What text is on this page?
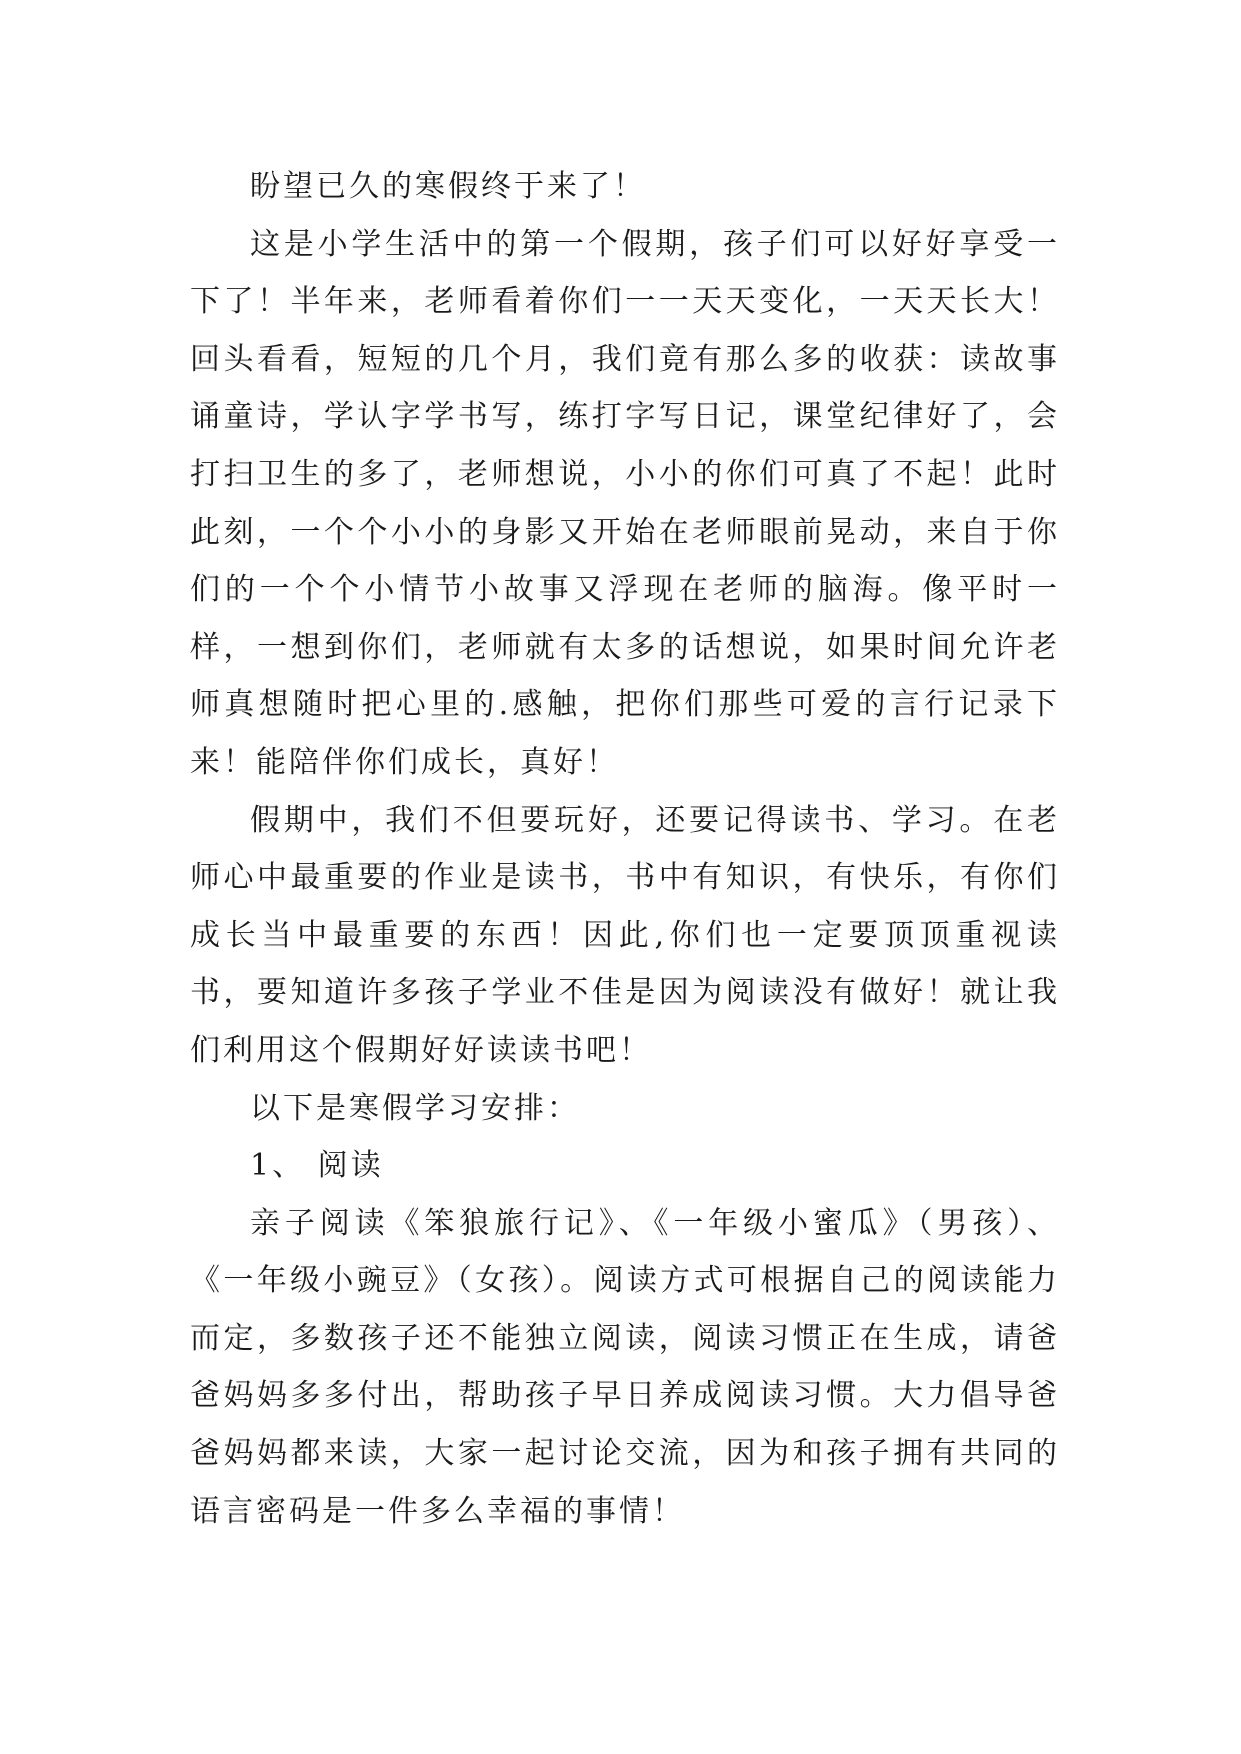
盼望已久的寒假终于来了！

这是小学生活中的第一个假期，孩子们可以好好享受一下了！半年来，老师看着你们一一天天变化，一天天长大！回头看看，短短的几个月，我们竟有那么多的收获：读故事诵童诗，学认字学书写，练打字写日记，课堂纪律好了，会打扫卫生的多了，老师想说，小小的你们可真了不起！此时此刻，一个个小小的身影又开始在老师眼前晃动，来自于你们的一个个小情节小故事又浮现在老师的脑海。像平时一样，一想到你们，老师就有太多的话想说，如果时间允许老师真想随时把心里的.感触，把你们那些可爱的言行记录下来！能陪伴你们成长，真好！

假期中，我们不但要玩好，还要记得读书、学习。在老师心中最重要的作业是读书，书中有知识，有快乐，有你们成长当中最重要的东西！因此,你们也一定要顶顶重视读书，要知道许多孩子学业不佳是因为阅读没有做好！就让我们利用这个假期好好读读书吧！

以下是寒假学习安排：

1、 阅读

亲子阅读《笨狼旅行记》、《一年级小蜜瓜》（男孩）、《一年级小豌豆》（女孩）。阅读方式可根据自己的阅读能力而定，多数孩子还不能独立阅读，阅读习惯正在生成，请爸爸妈妈多多付出，帮助孩子早日养成阅读习惯。大力倡导爸爸妈妈都来读，大家一起讨论交流，因为和孩子拥有共同的语言密码是一件多么幸福的事情！
